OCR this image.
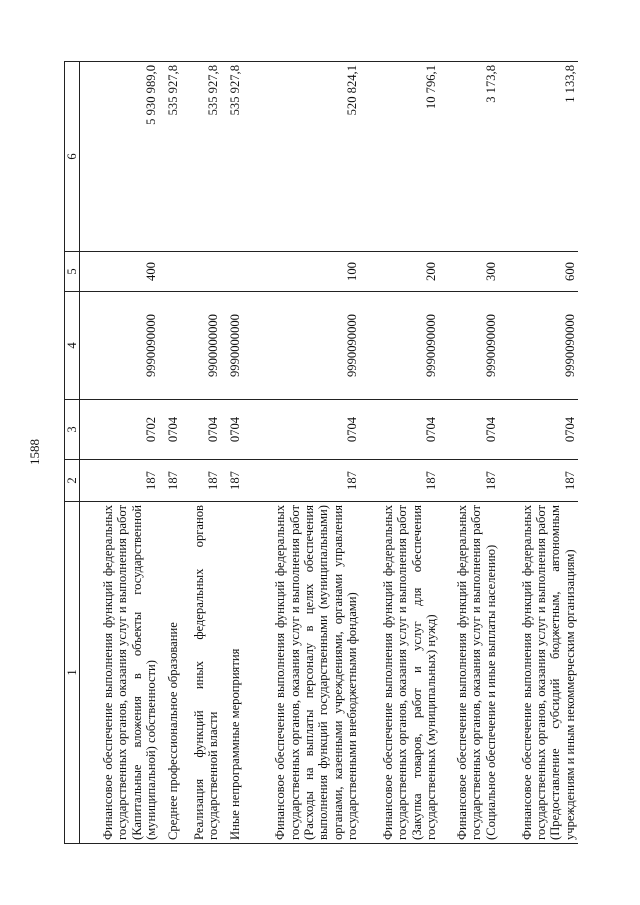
1588
1	2	3	4	5	6
Финансовое обеспечение выполнения функций федеральных государственных органов, оказания услуг и выполнения работ (Капитальные вложения в объекты государственной (муниципальной) собственности)	187	0702	9990090000	400	5 930 989,0
Среднее профессиональное образование	187	0704			535 927,8
Реализация функций иных федеральных органов государственной власти	187	0704	9900000000		535 927,8
Иные непрограммные мероприятия	187	0704	9990000000		535 927,8
Финансовое обеспечение выполнения функций федеральных государственных органов, оказания услуг и выполнения работ (Расходы на выплаты персоналу в целях обеспечения выполнения функций государственными (муниципальными) органами, казенными учреждениями, органами управления государственными внебюджетными фондами)	187	0704	9990090000	100	520 824,1
Финансовое обеспечение выполнения функций федеральных государственных органов, оказания услуг и выполнения работ (Закупка товаров, работ и услуг для обеспечения государственных (муниципальных) нужд)	187	0704	9990090000	200	10 796,1
Финансовое обеспечение выполнения функций федеральных государственных органов, оказания услуг и выполнения работ (Социальное обеспечение и иные выплаты населению)	187	0704	9990090000	300	3 173,8
Финансовое обеспечение выполнения функций федеральных государственных органов, оказания услуг и выполнения работ (Предоставление субсидий бюджетным, автономным учреждениям и иным некоммерческим организациям)	187	0704	9990090000	600	1 133,8
